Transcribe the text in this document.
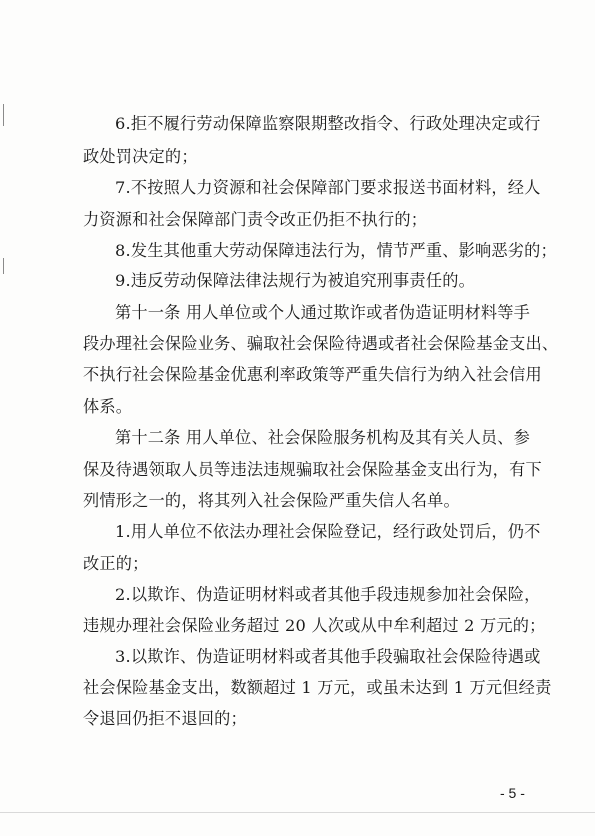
6.拒不履行劳动保障监察限期整改指令、行政处理决定或行
政处罚决定的；
7.不按照人力资源和社会保障部门要求报送书面材料，经人
力资源和社会保障部门责令改正仍拒不执行的；
8.发生其他重大劳动保障违法行为，情节严重、影响恶劣的；
9.违反劳动保障法律法规行为被追究刑事责任的。
第十一条 用人单位或个人通过欺诈或者伪造证明材料等手
段办理社会保险业务、骗取社会保险待遇或者社会保险基金支出、
不执行社会保险基金优惠利率政策等严重失信行为纳入社会信用
体系。
第十二条 用人单位、社会保险服务机构及其有关人员、参
保及待遇领取人员等违法违规骗取社会保险基金支出行为，有下
列情形之一的，将其列入社会保险严重失信人名单。
1.用人单位不依法办理社会保险登记，经行政处罚后，仍不
改正的；
2.以欺诈、伪造证明材料或者其他手段违规参加社会保险，
违规办理社会保险业务超过 20 人次或从中牟利超过 2 万元的；
3.以欺诈、伪造证明材料或者其他手段骗取社会保险待遇或
社会保险基金支出，数额超过 1 万元，或虽未达到 1 万元但经责
令退回仍拒不退回的；
- 5 -
